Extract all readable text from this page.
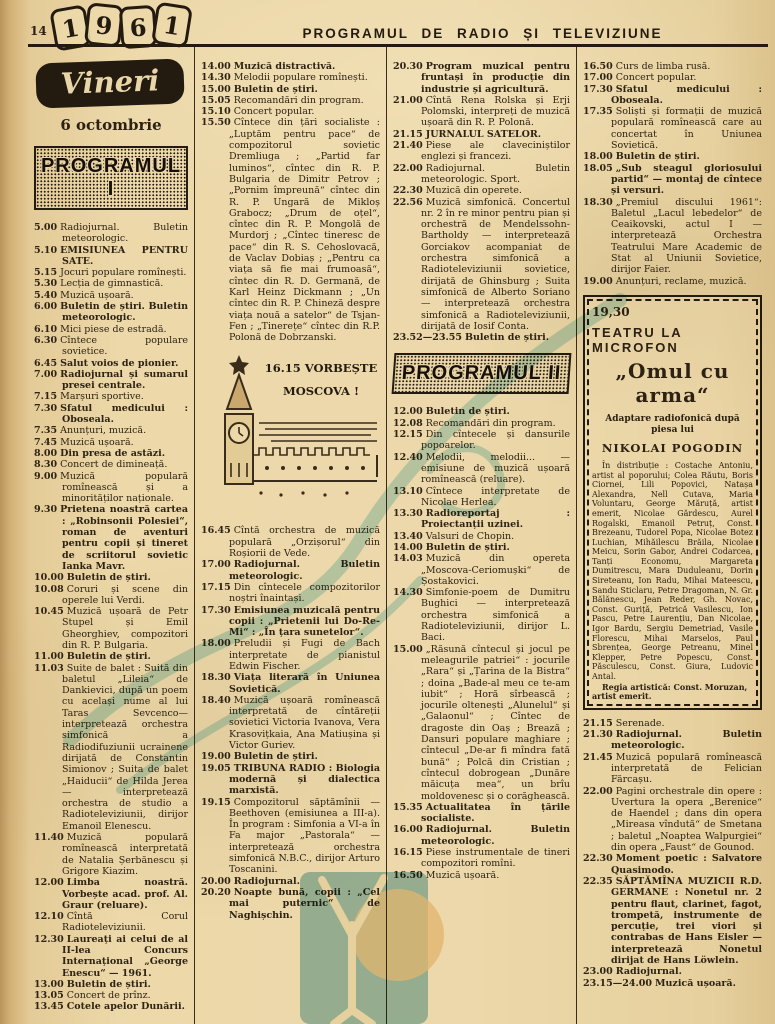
14 1 9 6 1	PROGRAMUL DE RADIO ȘI TELEVIZIUNE
Vineri
6 octombrie
PROGRAMUL I
5.00 Radiojurnal. Buletin meteorologic.
5.10 EMISIUNEA PENTRU SATE.
5.15 Jocuri populare romînești.
5.30 Lecția de gimnastică.
5.40 Muzică ușoară.
6.00 Buletin de știri. Buletin meteorologic.
6.10 Mici piese de estradă.
6.30 Cîntece populare sovietice.
6.45 Salut voios de pionier.
7.00 Radiojurnal și sumarul presei centrale.
7.15 Marșuri sportive.
7.30 Sfatul medicului : Oboseala.
7.35 Anunțuri, muzică.
7.45 Muzică ușoară.
8.00 Din presa de astăzi.
8.30 Concert de dimineață.
9.00 Muzică populară romînească și a minorităților naționale.
9.30 Prietena noastră cartea : „Robinsonii Polesiei“, roman de aventuri pentru copii și tineret de scriitorul sovietic Ianka Mavr.
10.00 Buletin de știri.
10.08 Coruri și scene din operele lui Verdi.
10.45 Muzică ușoară de Petr Stupel și Emil Gheorghiev, compozitori din R. P. Bulgaria.
11.00 Buletin de știri.
11.03 Suite de balet : Suită din baletul „Lileia“ de Dankievici, după un poem cu același nume al lui Taras Sevcenco—interpretează orchestra simfonică a Radiodifuziunii ucrainene dirijată de Constantin Simionov ; Suita de balet „Haiducii“ de Hilda Jerea — interpretează orchestra de studio a Radioteleviziunii, dirijor Emanoil Elenescu.
11.40 Muzică populară romînească interpretată de Natalia Șerbănescu și Grigore Kiazim.
12.00 Limba noastră. Vorbește acad. prof. Al. Graur (reluare).
12.10 Cîntă Corul Radioteleviziunii.
12.30 Laureați ai celui de al II-lea Concurs Internațional „George Enescu“ — 1961.
13.00 Buletin de știri.
13.05 Concert de prînz.
13.45 Cotele apelor Dunării.
14.00 Muzică distractivă.
14.30 Melodii populare romînești.
15.00 Buletin de știri.
15.05 Recomandări din program.
15.10 Concert popular.
15.50 Cîntece din țări socialiste : „Luptăm pentru pace“ de compozitorul sovietic Dremliuga ; „Partid far luminos“, cîntec din R. P. Bulgaria de Dimitr Petrov ; „Pornim împreună“ cîntec din R. P. Ungară de Mikloș Grabocz; „Drum de oțel“, cîntec din R. P. Mongolă de Murdorj ; „Cîntec tineresc de pace“ din R. S. Cehoslovacă, de Vaclav Dobiaș ; „Pentru ca viața să fie mai frumoasă“, cîntec din R. D. Germană, de Karl Heinz Dickmann ; „Un cîntec din R. P. Chineză despre viața nouă a satelor“ de Tsjan-Fen ; „Tinerețe“ cîntec din R.P. Polonă de Dobrzanski.
16.15 VORBEȘTE
MOSCOVA !
16.45 Cîntă orchestra de muzică populară „Orzișorul“ din Roșiorii de Vede.
17.00 Radiojurnal. Buletin meteorologic.
17.15 Din cîntecele compozitorilor noștri înaintași.
17.30 Emisiunea muzicală pentru copii : „Prietenii lui Do-Re-Mi“ : „În țara sunetelor“.
18.00 Preludii și Fugi de Bach interpretate de pianistul Edwin Fischer.
18.30 Viața literară în Uniunea Sovietică.
18.40 Muzică ușoară romînească interpretată de cîntăreții sovietici Victoria Ivanova, Vera Krasovițkaia, Ana Matiușina și Victor Guriev.
19.00 Buletin de știri.
19.05 TRIBUNA RADIO : Biologia modernă și dialectica marxistă.
19.15 Compozitorul săptămînii — Beethoven (emisiunea a III-a). În program : Simfonia a VI-a în Fa major „Pastorala“ — interpretează orchestra simfonică N.B.C., dirijor Arturo Toscanini.
20.00 Radiojurnal.
20.20 Noapte bună, copii : „Cel mai puternic“ de Naghișchin.
20.30 Program muzical pentru fruntași în producție din industrie și agricultură.
21.00 Cîntă Rena Rolska și Erji Polomski, interpreți de muzică ușoară din R. P. Polonă.
21.15 JURNALUL SATELOR.
21.40 Piese ale claveciniștilor englezi și francezi.
22.00 Radiojurnal. Buletin meteorologic. Sport.
22.30 Muzică din operete.
22.56 Muzică simfonică. Concertul nr. 2 în re minor pentru pian și orchestră de Mendelssohn-Bartholdy — interpretează Gorciakov acompaniat de orchestra simfonică a Radioteleviziunii sovietice, dirijată de Ghinsburg ; Suita simfonică de Alberto Soriano — interpretează orchestra simfonică a Radioteleviziunii, dirijată de Iosif Conta.
23.52—23.55 Buletin de știri.
PROGRAMUL II
12.00 Buletin de știri.
12.08 Recomandări din program.
12.15 Din cîntecele și dansurile popoarelor.
12.40 Melodii, melodii... — emisiune de muzică ușoară romînească (reluare).
13.10 Cîntece interpretate de Nicolae Herlea.
13.30 Radioreportaj : Proiectanții uzinei.
13.40 Valsuri de Chopin.
14.00 Buletin de știri.
14.03 Muzică din opereta „Moscova-Ceriomușki“ de Șostakovici.
14.30 Simfonie-poem de Dumitru Bughici — interpretează orchestra simfonică a Radioteleviziunii, dirijor L. Baci.
15.00 „Răsună cîntecul și jocul pe meleagurile patriei“ : jocurile „Rara“ și „Țarina de la Bistra“ ; doina „Bade-al meu ce te-am iubit“ ; Horă sîrbească ; jocurile oltenești „Alunelul“ și „Galaonul“ ; Cîntec de dragoste din Oaș ; Brează ; Dansuri populare maghiare ; cîntecul „De-ar fi mîndra fată bună“ ; Polcă din Cristian ; cîntecul dobrogean „Dunăre măicuța mea“, un brîu moldovenesc și o corăghească.
15.35 Actualitatea în țările socialiste.
16.00 Radiojurnal. Buletin meteorologic.
16.15 Piese instrumentale de tineri compozitori romîni.
16.50 Muzică ușoară.
16.50 Curs de limba rusă.
17.00 Concert popular.
17.30 Sfatul medicului : Oboseala.
17.35 Soliști și formații de muzică populară romînească care au concertat în Uniunea Sovietică.
18.00 Buletin de știri.
18.05 „Sub steagul gloriosului partid“ — montaj de cîntece și versuri.
18.30 „Premiul discului 1961“: Baletul „Lacul lebedelor“ de Ceaikovski, actul I — interpretează Orchestra Teatrului Mare Academic de Stat al Uniunii Sovietice, dirijor Faier.
19.00 Anunțuri, reclame, muzică.
19,30
TEATRU LA MICROFON
„Omul cu arma“
Adaptare radiofonică după
piesa lui
NIKOLAI POGODIN
În distribuție : Costache Antoniu, artist al poporului; Colea Răutu, Boris Ciornei, Lili Popovici, Natașa Alexandra, Nell Cutava, Maria Voluntaru, George Măruță, artist emerit, Nicolae Gărdescu, Aurel Rogalski, Emanoil Petruț, Const. Brezeanu, Tudorel Popa, Nicolae Botez Luchian, Mihăilescu Brăila, Nicolae Meicu, Sorin Gabor, Andrei Codarcea, Tanți Economu, Margareta Dumitrescu, Mara Duduleanu, Dorin Sireteanu, Ion Radu, Mihai Mateescu, Sandu Sticlaru, Petre Dragoman, N. Gr. Bălănescu, Jean Reder, Gh. Novac, Const. Guriță, Petrică Vasilescu, Ion Pascu, Petre Laurențiu, Dan Nicolae, Igor Bardu, Sergiu Demetriad, Vasile Florescu, Mihai Marselos, Paul Sbrențea, George Petreanu, Minel Klepper, Petre Popescu, Const. Păsculescu, Const. Giura, Ludovic Antal.
Regia artistică: Const. Moruzan, artist emerit.
21.15 Serenade.
21.30 Radiojurnal. Buletin meteorologic.
21.45 Muzică populară romînească interpretată de Felician Fărcașu.
22.00 Pagini orchestrale din opere : Uvertura la opera „Berenice“ de Haendel ; dans din opera „Mireasa vîndută“ de Smetana ; baletul „Noaptea Walpurgiei“ din opera „Faust“ de Gounod.
22.30 Moment poetic : Salvatore Quasimodo.
22.35 SĂPTĂMÎNA MUZICII R.D. GERMANE : Nonetul nr. 2 pentru flaut, clarinet, fagot, trompetă, instrumente de percuție, trei viori și contrabas de Hans Eisler — interpretează Nonetul dirijat de Hans Löwlein.
23.00 Radiojurnal.
23.15—24.00 Muzică ușoară.
